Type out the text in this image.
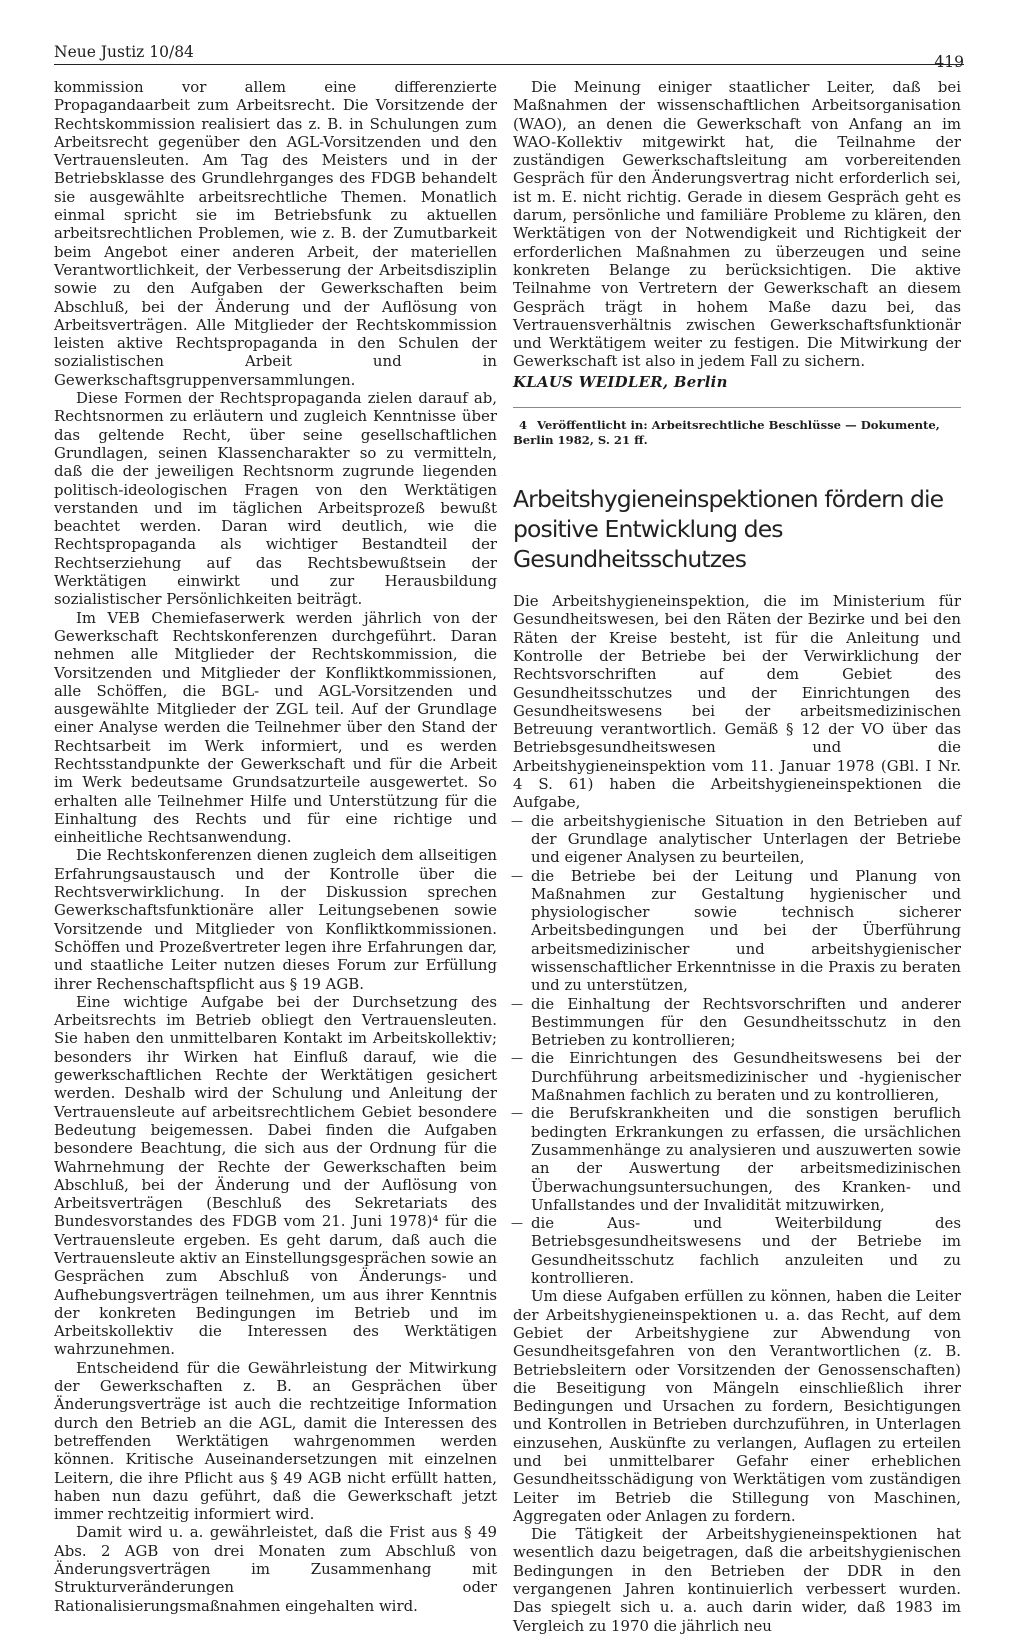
Neue Justiz 10/84
419

kommission vor allem eine differenzierte Propagandaarbeit zum Arbeitsrecht. Die Vorsitzende der Rechtskommission realisiert das z. B. in Schulungen zum Arbeitsrecht gegenüber den AGL-Vorsitzenden und den Vertrauensleuten. Am Tag des Meisters und in der Betriebsklasse des Grundlehrganges des FDGB behandelt sie ausgewählte arbeitsrechtliche Themen. Monatlich einmal spricht sie im Betriebsfunk zu aktuellen arbeitsrechtlichen Problemen, wie z. B. der Zumutbarkeit beim Angebot einer anderen Arbeit, der materiellen Verantwortlichkeit, der Verbesserung der Arbeitsdisziplin sowie zu den Aufgaben der Gewerkschaften beim Abschluß, bei der Änderung und der Auflösung von Arbeitsverträgen. Alle Mitglieder der Rechtskommission leisten aktive Rechtspropaganda in den Schulen der sozialistischen Arbeit und in Gewerkschaftsgruppenversammlungen.

Diese Formen der Rechtspropaganda zielen darauf ab, Rechtsnormen zu erläutern und zugleich Kenntnisse über das geltende Recht, über seine gesellschaftlichen Grundlagen, seinen Klassencharakter so zu vermitteln, daß die der jeweiligen Rechtsnorm zugrunde liegenden politisch-ideologischen Fragen von den Werktätigen verstanden und im täglichen Arbeitsprozeß bewußt beachtet werden. Daran wird deutlich, wie die Rechtspropaganda als wichtiger Bestandteil der Rechtserziehung auf das Rechtsbewußtsein der Werktätigen einwirkt und zur Herausbildung sozialistischer Persönlichkeiten beiträgt.

Im VEB Chemiefaserwerk werden jährlich von der Gewerkschaft Rechtskonferenzen durchgeführt. Daran nehmen alle Mitglieder der Rechtskommission, die Vorsitzenden und Mitglieder der Konfliktkommissionen, alle Schöffen, die BGL- und AGL-Vorsitzenden und ausgewählte Mitglieder der ZGL teil. Auf der Grundlage einer Analyse werden die Teilnehmer über den Stand der Rechtsarbeit im Werk informiert, und es werden Rechtsstandpunkte der Gewerkschaft und für die Arbeit im Werk bedeutsame Grundsatzurteile ausgewertet. So erhalten alle Teilnehmer Hilfe und Unterstützung für die Einhaltung des Rechts und für eine richtige und einheitliche Rechtsanwendung.

Die Rechtskonferenzen dienen zugleich dem allseitigen Erfahrungsaustausch und der Kontrolle über die Rechtsverwirklichung. In der Diskussion sprechen Gewerkschaftsfunktionäre aller Leitungsebenen sowie Vorsitzende und Mitglieder von Konfliktkommissionen. Schöffen und Prozeßvertreter legen ihre Erfahrungen dar, und staatliche Leiter nutzen dieses Forum zur Erfüllung ihrer Rechenschaftspflicht aus § 19 AGB.

Eine wichtige Aufgabe bei der Durchsetzung des Arbeitsrechts im Betrieb obliegt den Vertrauensleuten. Sie haben den unmittelbaren Kontakt im Arbeitskollektiv; besonders ihr Wirken hat Einfluß darauf, wie die gewerkschaftlichen Rechte der Werktätigen gesichert werden. Deshalb wird der Schulung und Anleitung der Vertrauensleute auf arbeitsrechtlichem Gebiet besondere Bedeutung beigemessen. Dabei finden die Aufgaben besondere Beachtung, die sich aus der Ordnung für die Wahrnehmung der Rechte der Gewerkschaften beim Abschluß, bei der Änderung und der Auflösung von Arbeitsverträgen (Beschluß des Sekretariats des Bundesvorstandes des FDGB vom 21. Juni 1978)⁴ für die Vertrauensleute ergeben. Es geht darum, daß auch die Vertrauensleute aktiv an Einstellungsgesprächen sowie an Gesprächen zum Abschluß von Änderungs- und Aufhebungsverträgen teilnehmen, um aus ihrer Kenntnis der konkreten Bedingungen im Betrieb und im Arbeitskollektiv die Interessen des Werktätigen wahrzunehmen.

Entscheidend für die Gewährleistung der Mitwirkung der Gewerkschaften z. B. an Gesprächen über Änderungsverträge ist auch die rechtzeitige Information durch den Betrieb an die AGL, damit die Interessen des betreffenden Werktätigen wahrgenommen werden können. Kritische Auseinandersetzungen mit einzelnen Leitern, die ihre Pflicht aus § 49 AGB nicht erfüllt hatten, haben nun dazu geführt, daß die Gewerkschaft jetzt immer rechtzeitig informiert wird.

Damit wird u. a. gewährleistet, daß die Frist aus § 49 Abs. 2 AGB von drei Monaten zum Abschluß von Änderungsverträgen im Zusammenhang mit Strukturveränderungen oder Rationalisierungsmaßnahmen eingehalten wird.

Die Meinung einiger staatlicher Leiter, daß bei Maßnahmen der wissenschaftlichen Arbeitsorganisation (WAO), an denen die Gewerkschaft von Anfang an im WAO-Kollektiv mitgewirkt hat, die Teilnahme der zuständigen Gewerkschaftsleitung am vorbereitenden Gespräch für den Änderungsvertrag nicht erforderlich sei, ist m. E. nicht richtig. Gerade in diesem Gespräch geht es darum, persönliche und familiäre Probleme zu klären, den Werktätigen von der Notwendigkeit und Richtigkeit der erforderlichen Maßnahmen zu überzeugen und seine konkreten Belange zu berücksichtigen. Die aktive Teilnahme von Vertretern der Gewerkschaft an diesem Gespräch trägt in hohem Maße dazu bei, das Vertrauensverhältnis zwischen Gewerkschaftsfunktionär und Werktätigem weiter zu festigen. Die Mitwirkung der Gewerkschaft ist also in jedem Fall zu sichern.

KLAUS WEIDLER, Berlin
4 Veröffentlicht in: Arbeitsrechtliche Beschlüsse — Dokumente, Berlin 1982, S. 21 ff.
Arbeitshygieneinspektionen fördern die positive Entwicklung des Gesundheitsschutzes

Die Arbeitshygieneinspektion, die im Ministerium für Gesundheitswesen, bei den Räten der Bezirke und bei den Räten der Kreise besteht, ist für die Anleitung und Kontrolle der Betriebe bei der Verwirklichung der Rechtsvorschriften auf dem Gebiet des Gesundheitsschutzes und der Einrichtungen des Gesundheitswesens bei der arbeitsmedizinischen Betreuung verantwortlich. Gemäß § 12 der VO über das Betriebsgesundheitswesen und die Arbeitshygieneinspektion vom 11. Januar 1978 (GBl. I Nr. 4 S. 61) haben die Arbeitshygieneinspektionen die Aufgabe,

— die arbeitshygienische Situation in den Betrieben auf der Grundlage analytischer Unterlagen der Betriebe und eigener Analysen zu beurteilen,
— die Betriebe bei der Leitung und Planung von Maßnahmen zur Gestaltung hygienischer und physiologischer sowie technisch sicherer Arbeitsbedingungen und bei der Überführung arbeitsmedizinischer und arbeitshygienischer wissenschaftlicher Erkenntnisse in die Praxis zu beraten und zu unterstützen,
— die Einhaltung der Rechtsvorschriften und anderer Bestimmungen für den Gesundheitsschutz in den Betrieben zu kontrollieren;
— die Einrichtungen des Gesundheitswesens bei der Durchführung arbeitsmedizinischer und -hygienischer Maßnahmen fachlich zu beraten und zu kontrollieren,
— die Berufskrankheiten und die sonstigen beruflich bedingten Erkrankungen zu erfassen, die ursächlichen Zusammenhänge zu analysieren und auszuwerten sowie an der Auswertung der arbeitsmedizinischen Überwachungsuntersuchungen, des Kranken- und Unfallstandes und der Invalidität mitzuwirken,
— die Aus- und Weiterbildung des Betriebsgesundheitswesens und der Betriebe im Gesundheitsschutz fachlich anzuleiten und zu kontrollieren.

Um diese Aufgaben erfüllen zu können, haben die Leiter der Arbeitshygieneinspektionen u. a. das Recht, auf dem Gebiet der Arbeitshygiene zur Abwendung von Gesundheitsgefahren von den Verantwortlichen (z. B. Betriebsleitern oder Vorsitzenden der Genossenschaften) die Beseitigung von Mängeln einschließlich ihrer Bedingungen und Ursachen zu fordern, Besichtigungen und Kontrollen in Betrieben durchzuführen, in Unterlagen einzusehen, Auskünfte zu verlangen, Auflagen zu erteilen und bei unmittelbarer Gefahr einer erheblichen Gesundheitsschädigung von Werktätigen vom zuständigen Leiter im Betrieb die Stillegung von Maschinen, Aggregaten oder Anlagen zu fordern.

Die Tätigkeit der Arbeitshygieneinspektionen hat wesentlich dazu beigetragen, daß die arbeitshygienischen Bedingungen in den Betrieben der DDR in den vergangenen Jahren kontinuierlich verbessert wurden. Das spiegelt sich u. a. auch darin wider, daß 1983 im Vergleich zu 1970 die jährlich neu
